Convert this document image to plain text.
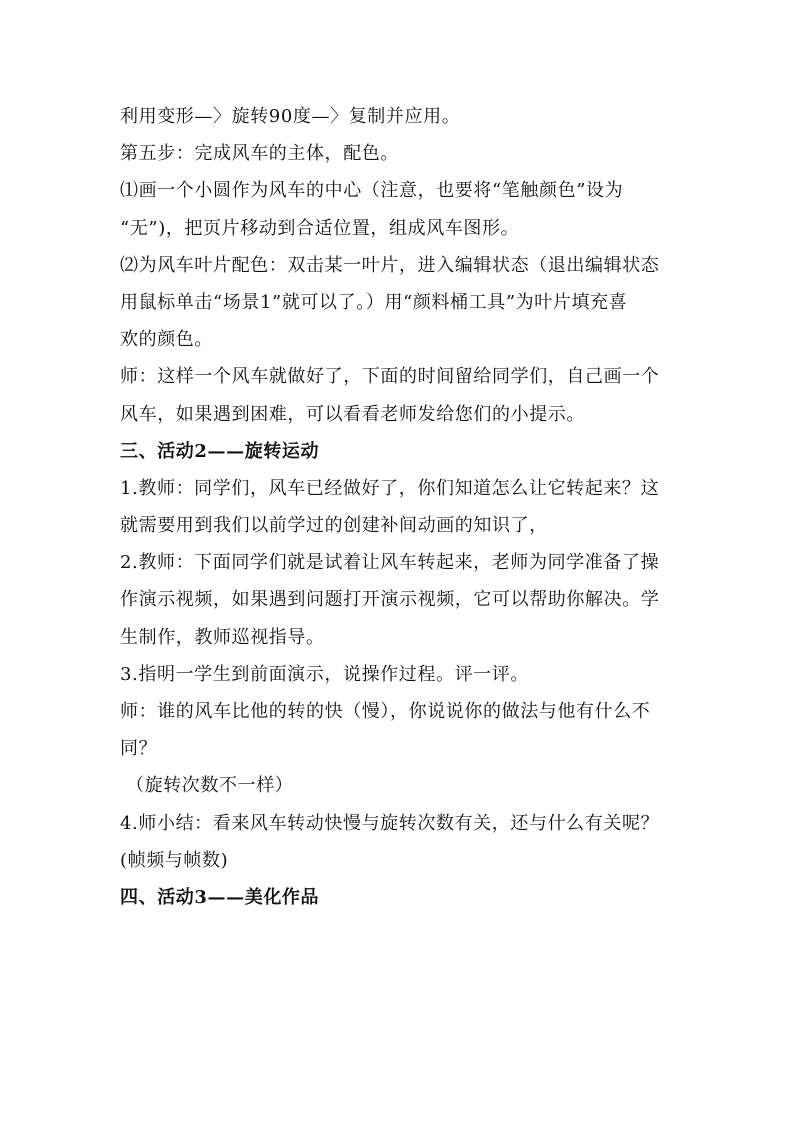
利用变形—〉旋转90度—〉复制并应用。
第五步：完成风车的主体，配色。
⑴画一个小圆作为风车的中心（注意，也要将“笔触颜色”设为
“无”)，把页片移动到合适位置，组成风车图形。
⑵为风车叶片配色：双击某一叶片，进入编辑状态（退出编辑状态
用鼠标单击“场景1”就可以了。）用“颜料桶工具”为叶片填充喜
欢的颜色。
师：这样一个风车就做好了，下面的时间留给同学们，自己画一个
风车，如果遇到困难，可以看看老师发给您们的小提示。
三、活动2——旋转运动
1.教师：同学们，风车已经做好了，你们知道怎么让它转起来？这
就需要用到我们以前学过的创建补间动画的知识了，
2.教师：下面同学们就是试着让风车转起来，老师为同学准备了操
作演示视频，如果遇到问题打开演示视频，它可以帮助你解决。学
生制作，教师巡视指导。
3.指明一学生到前面演示，说操作过程。评一评。
师：谁的风车比他的转的快（慢），你说说你的做法与他有什么不
同？
（旋转次数不一样）
4.师小结：看来风车转动快慢与旋转次数有关，还与什么有关呢？
(帧频与帧数)
四、活动3——美化作品
